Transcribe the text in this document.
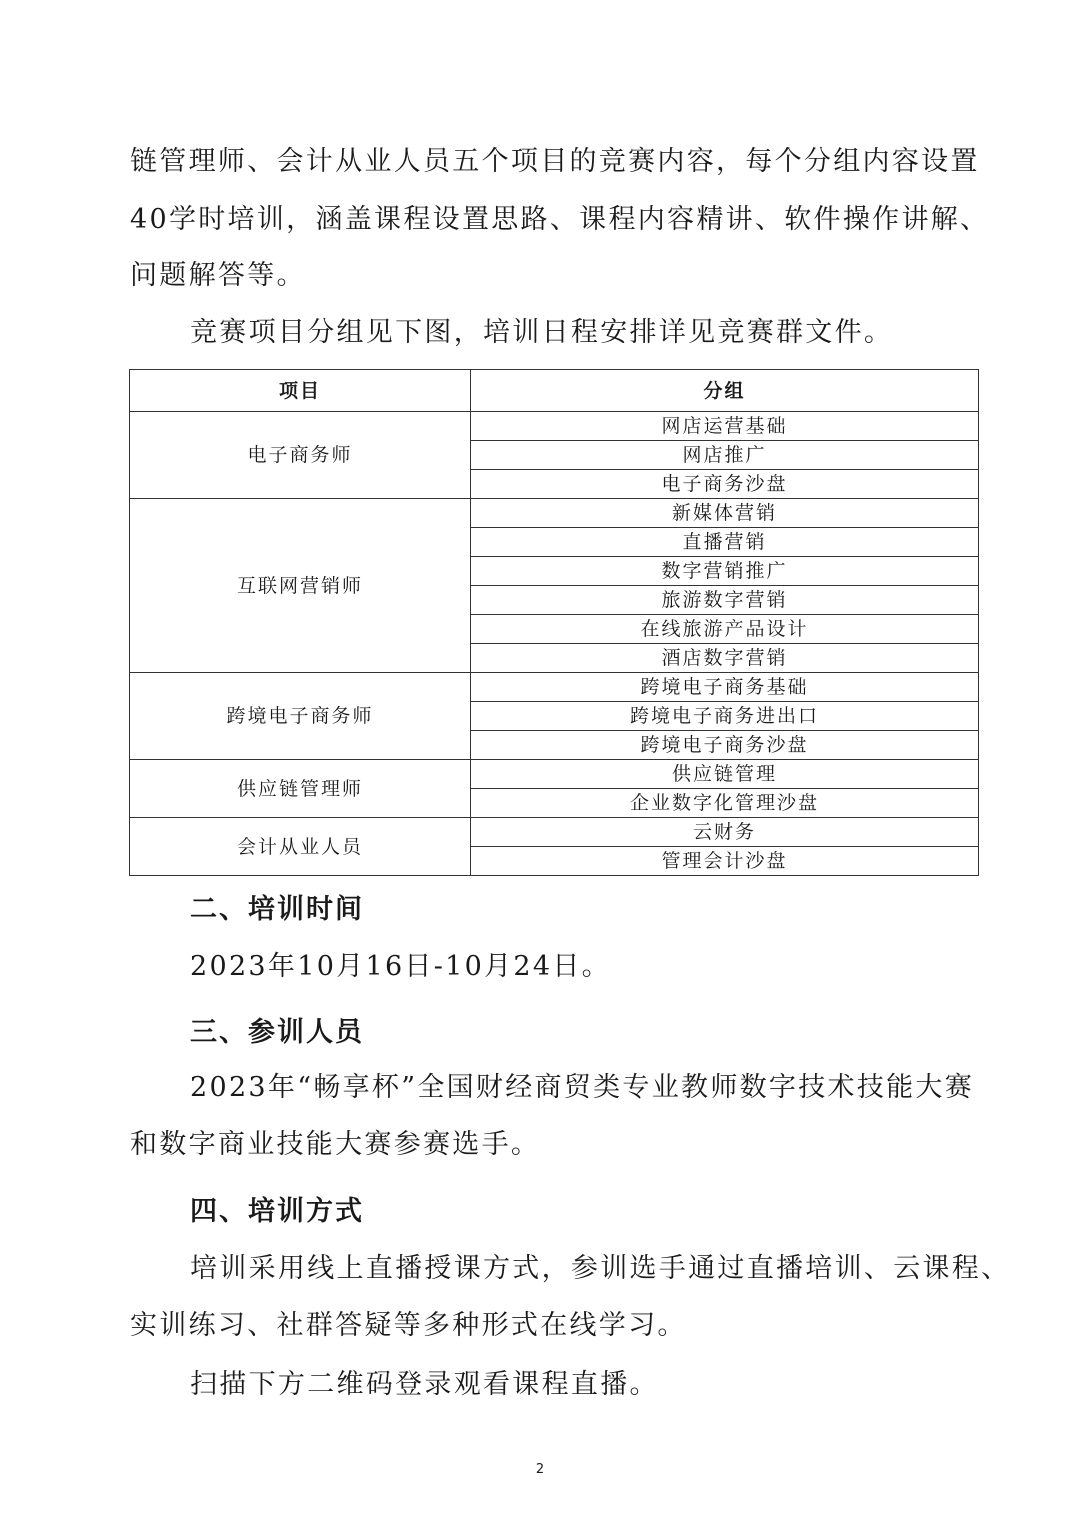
链管理师、会计从业人员五个项目的竞赛内容，每个分组内容设置
40学时培训，涵盖课程设置思路、课程内容精讲、软件操作讲解、
问题解答等。
竞赛项目分组见下图，培训日程安排详见竞赛群文件。
项目	分组
电子商务师	网店运营基础
	网店推广
	电子商务沙盘
互联网营销师	新媒体营销
	直播营销
	数字营销推广
	旅游数字营销
	在线旅游产品设计
	酒店数字营销
跨境电子商务师	跨境电子商务基础
	跨境电子商务进出口
	跨境电子商务沙盘
供应链管理师	供应链管理
	企业数字化管理沙盘
会计从业人员	云财务
	管理会计沙盘
二、培训时间
2023年10月16日-10月24日。
三、参训人员
2023年“畅享杯”全国财经商贸类专业教师数字技术技能大赛
和数字商业技能大赛参赛选手。
四、培训方式
培训采用线上直播授课方式，参训选手通过直播培训、云课程、
实训练习、社群答疑等多种形式在线学习。
扫描下方二维码登录观看课程直播。
2
